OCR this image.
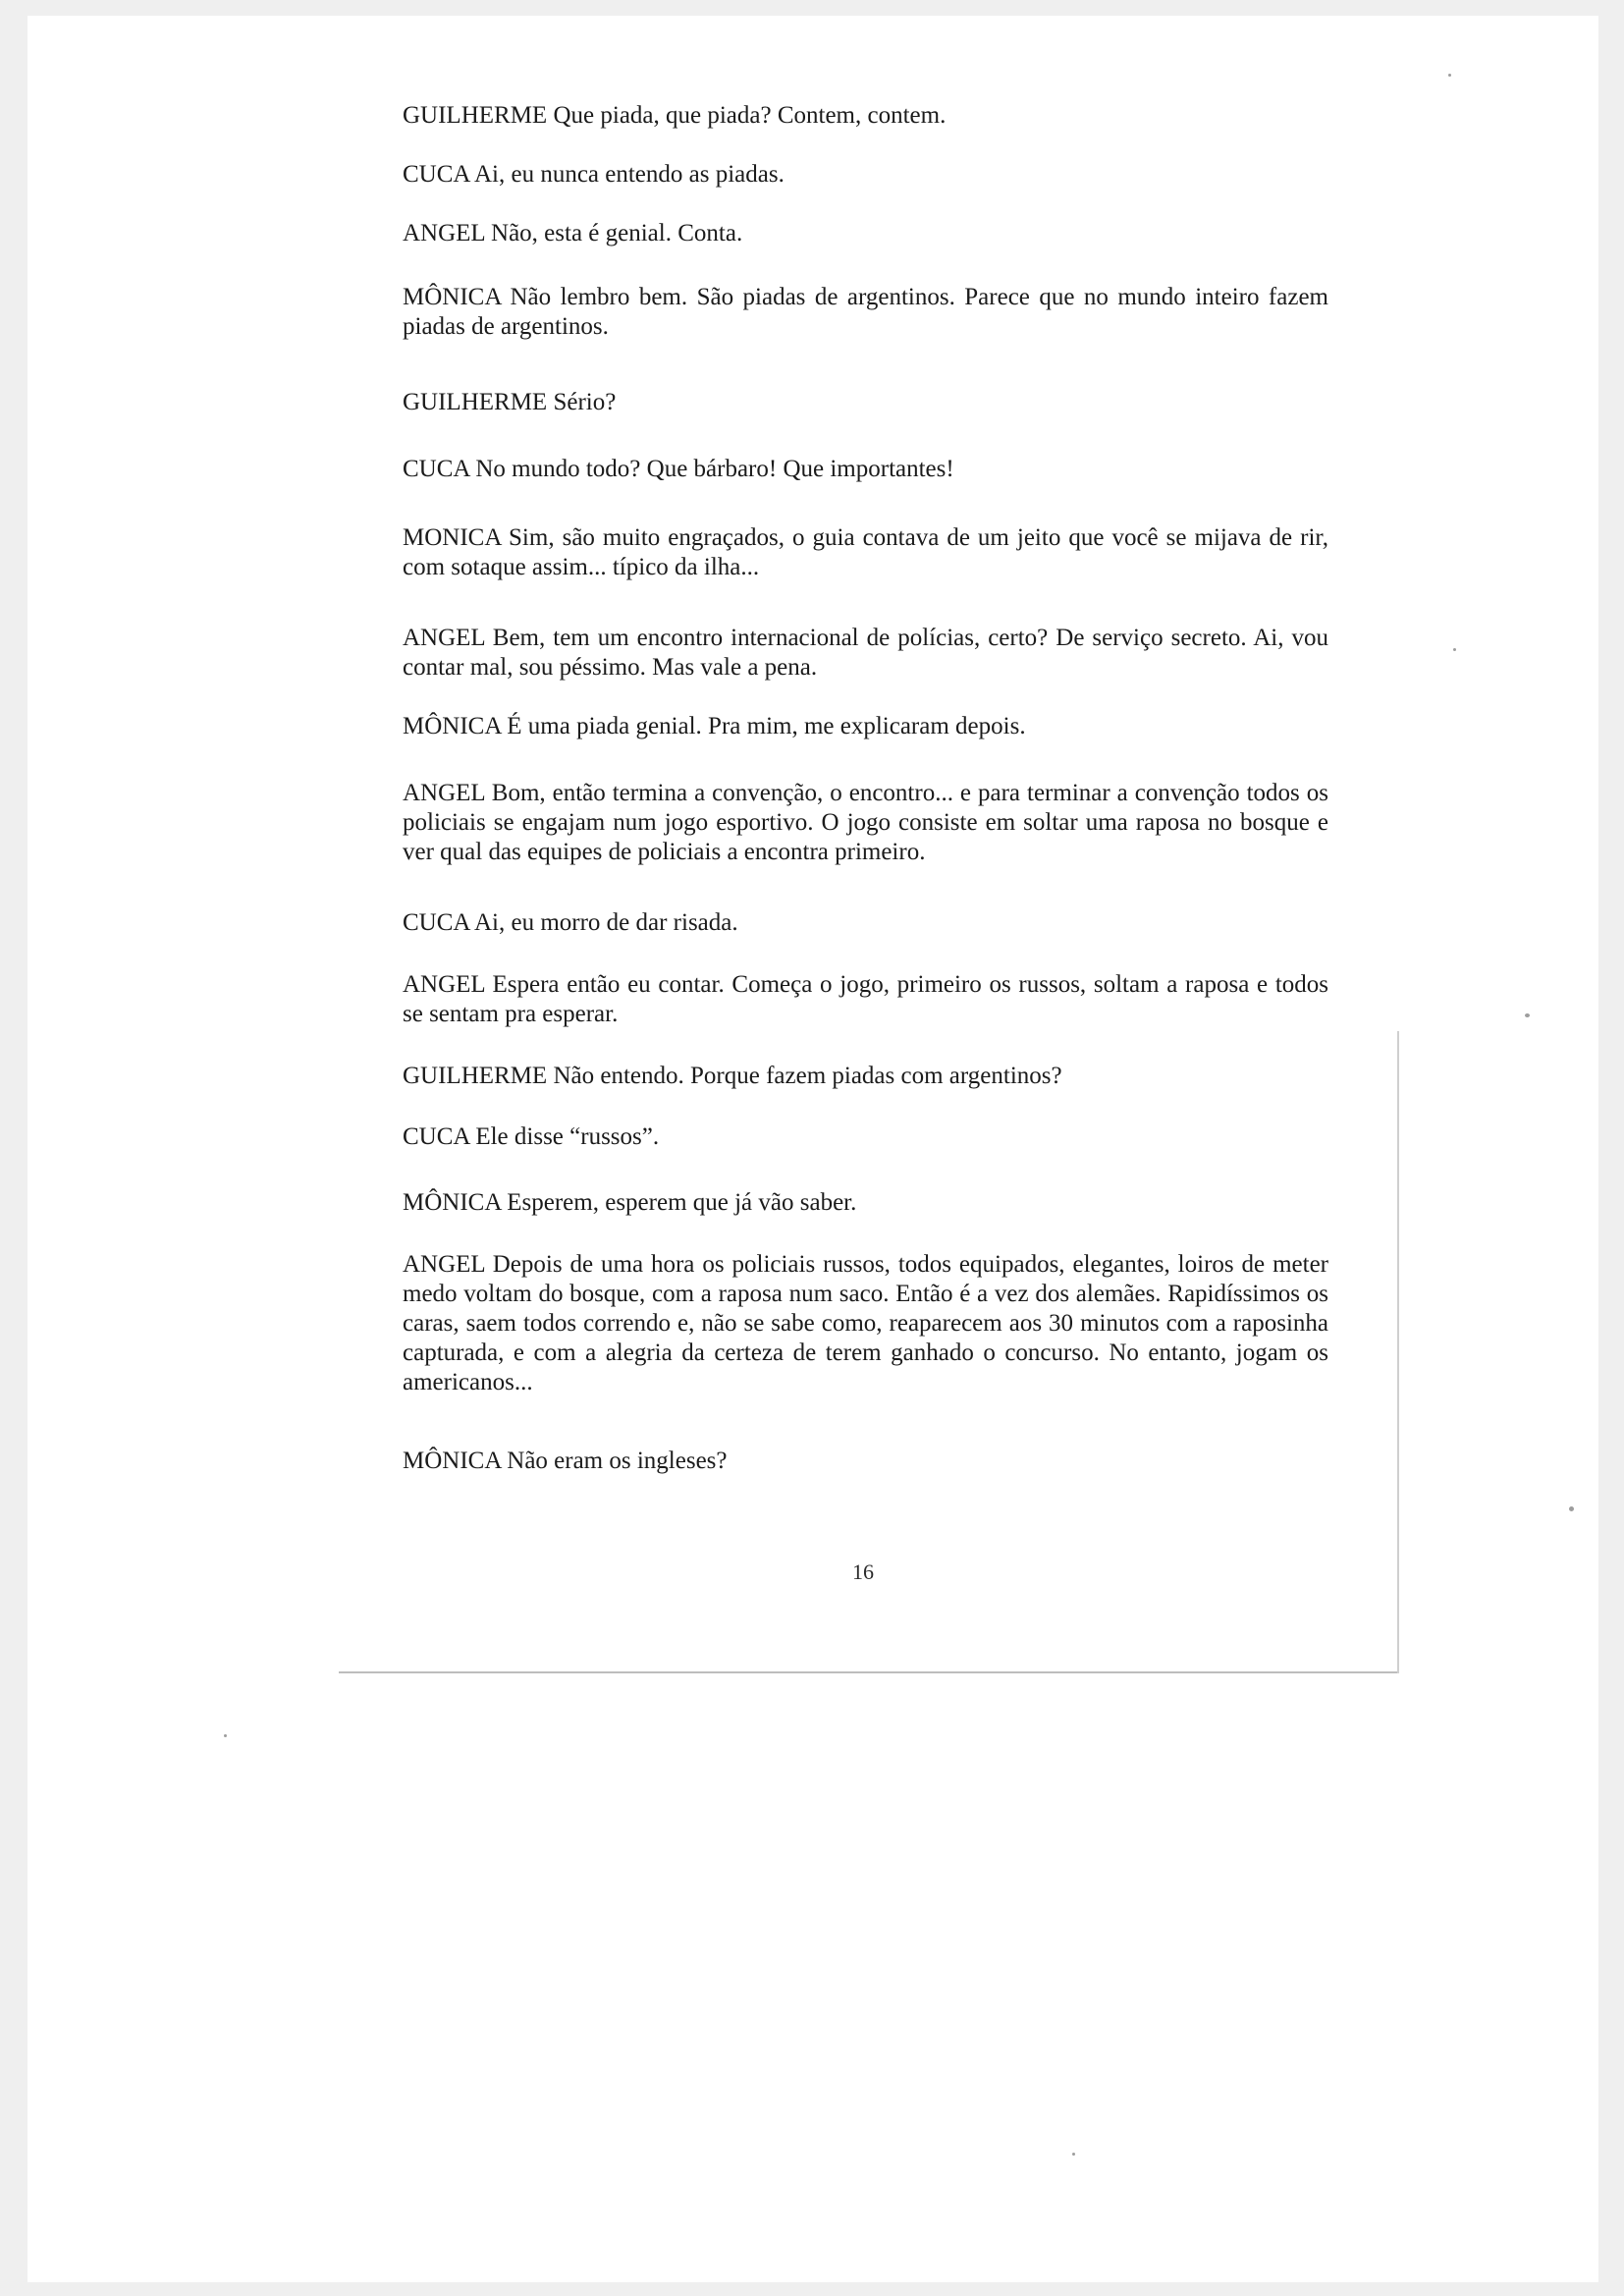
GUILHERME Que piada, que piada? Contem, contem.
CUCA Ai, eu nunca entendo as piadas.
ANGEL Não, esta é genial. Conta.
MÔNICA Não lembro bem. São piadas de argentinos. Parece que no mundo inteiro fazem piadas de argentinos.
GUILHERME Sério?
CUCA No mundo todo? Que bárbaro! Que importantes!
MONICA Sim, são muito engraçados, o guia contava de um jeito que você se mijava de rir, com sotaque assim... típico da ilha...
ANGEL Bem, tem um encontro internacional de polícias, certo? De serviço secreto. Ai, vou contar mal, sou péssimo. Mas vale a pena.
MÔNICA É uma piada genial. Pra mim, me explicaram depois.
ANGEL Bom, então termina a convenção, o encontro... e para terminar a convenção todos os policiais se engajam num jogo esportivo. O jogo consiste em soltar uma raposa no bosque e ver qual das equipes de policiais a encontra primeiro.
CUCA Ai, eu morro de dar risada.
ANGEL Espera então eu contar. Começa o jogo, primeiro os russos, soltam a raposa e todos se sentam pra esperar.
GUILHERME Não entendo. Porque fazem piadas com argentinos?
CUCA Ele disse “russos”.
MÔNICA Esperem, esperem que já vão saber.
ANGEL Depois de uma hora os policiais russos, todos equipados, elegantes, loiros de meter medo voltam do bosque, com a raposa num saco. Então é a vez dos alemães. Rapidíssimos os caras, saem todos correndo e, não se sabe como, reaparecem aos 30 minutos com a raposinha capturada, e com a alegria da certeza de terem ganhado o concurso. No entanto, jogam os americanos...
MÔNICA Não eram os ingleses?
16
